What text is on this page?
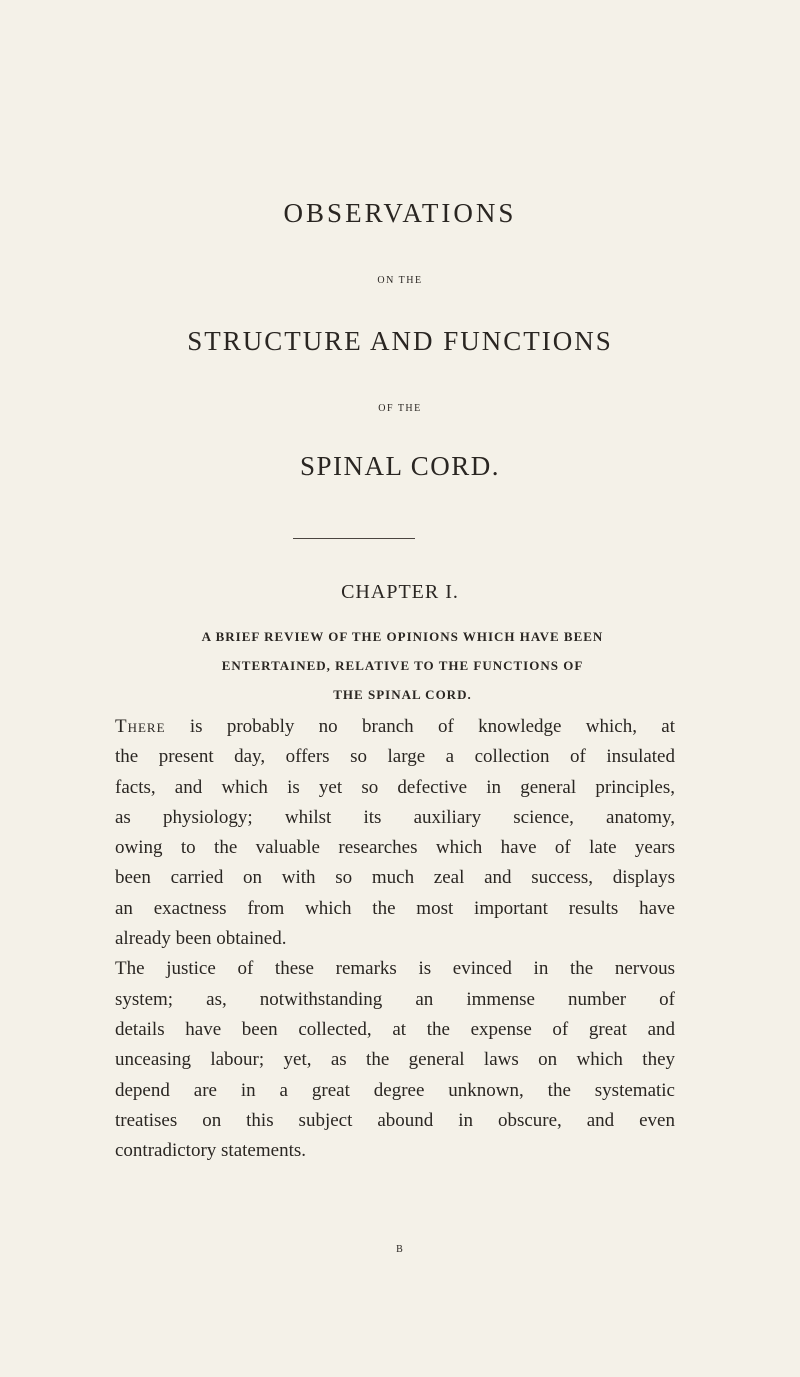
OBSERVATIONS
ON THE
STRUCTURE AND FUNCTIONS
OF THE
SPINAL CORD.
CHAPTER I.
A BRIEF REVIEW OF THE OPINIONS WHICH HAVE BEEN
ENTERTAINED, RELATIVE TO THE FUNCTIONS OF
THE SPINAL CORD.
There is probably no branch of knowledge which, at
the present day, offers so large a collection of insulated
facts, and which is yet so defective in general principles,
as physiology; whilst its auxiliary science, anatomy,
owing to the valuable researches which have of late years
been carried on with so much zeal and success, displays
an exactness from which the most important results have
already been obtained.
The justice of these remarks is evinced in the nervous
system; as, notwithstanding an immense number of
details have been collected, at the expense of great and
unceasing labour; yet, as the general laws on which they
depend are in a great degree unknown, the systematic
treatises on this subject abound in obscure, and even
contradictory statements.
B
